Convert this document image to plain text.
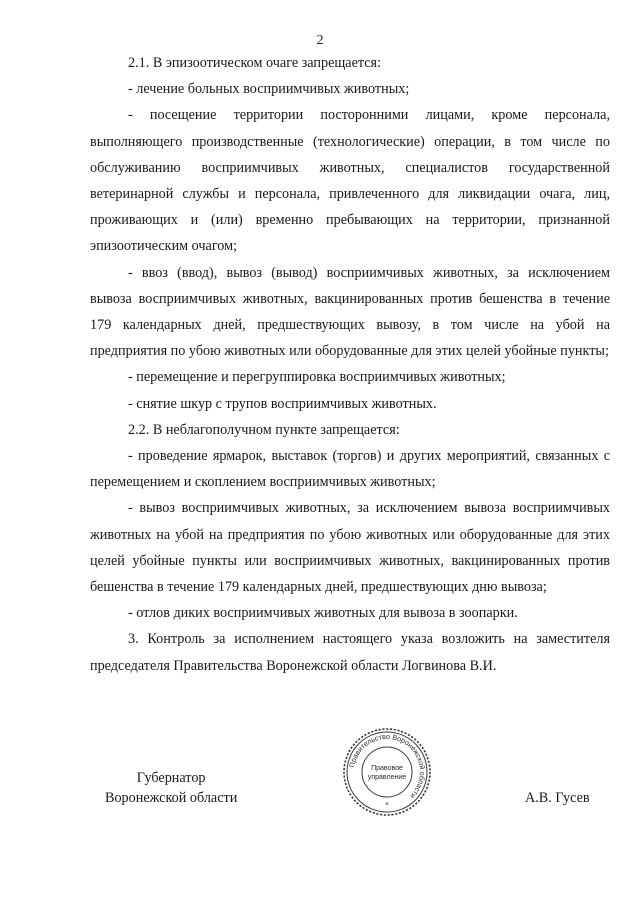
2

2.1. В эпизоотическом очаге запрещается:

- лечение больных восприимчивых животных;

- посещение территории посторонними лицами, кроме персонала, выполняющего производственные (технологические) операции, в том числе по обслуживанию восприимчивых животных, специалистов государственной ветеринарной службы и персонала, привлеченного для ликвидации очага, лиц, проживающих и (или) временно пребывающих на территории, признанной эпизоотическим очагом;

- ввоз (ввод), вывоз (вывод) восприимчивых животных, за исключением вывоза восприимчивых животных, вакцинированных против бешенства в течение 179 календарных дней, предшествующих вывозу, в том числе на убой на предприятия по убою животных или оборудованные для этих целей убойные пункты;

- перемещение и перегруппировка восприимчивых животных;

- снятие шкур с трупов восприимчивых животных.

2.2. В неблагополучном пункте запрещается:

- проведение ярмарок, выставок (торгов) и других мероприятий, связанных с перемещением и скоплением восприимчивых животных;

- вывоз восприимчивых животных, за исключением вывоза восприимчивых животных на убой на предприятия по убою животных или оборудованные для этих целей убойные пункты или восприимчивых животных, вакцинированных против бешенства в течение 179 календарных дней, предшествующих дню вывоза;

- отлов диких восприимчивых животных для вывоза в зоопарки.

3. Контроль за исполнением настоящего указа возложить на заместителя председателя Правительства Воронежской области Логвинова В.И.

Губернатор
Воронежской области
Правительство Воронежской области
Правовое
управление
*	А.В. Гусев
